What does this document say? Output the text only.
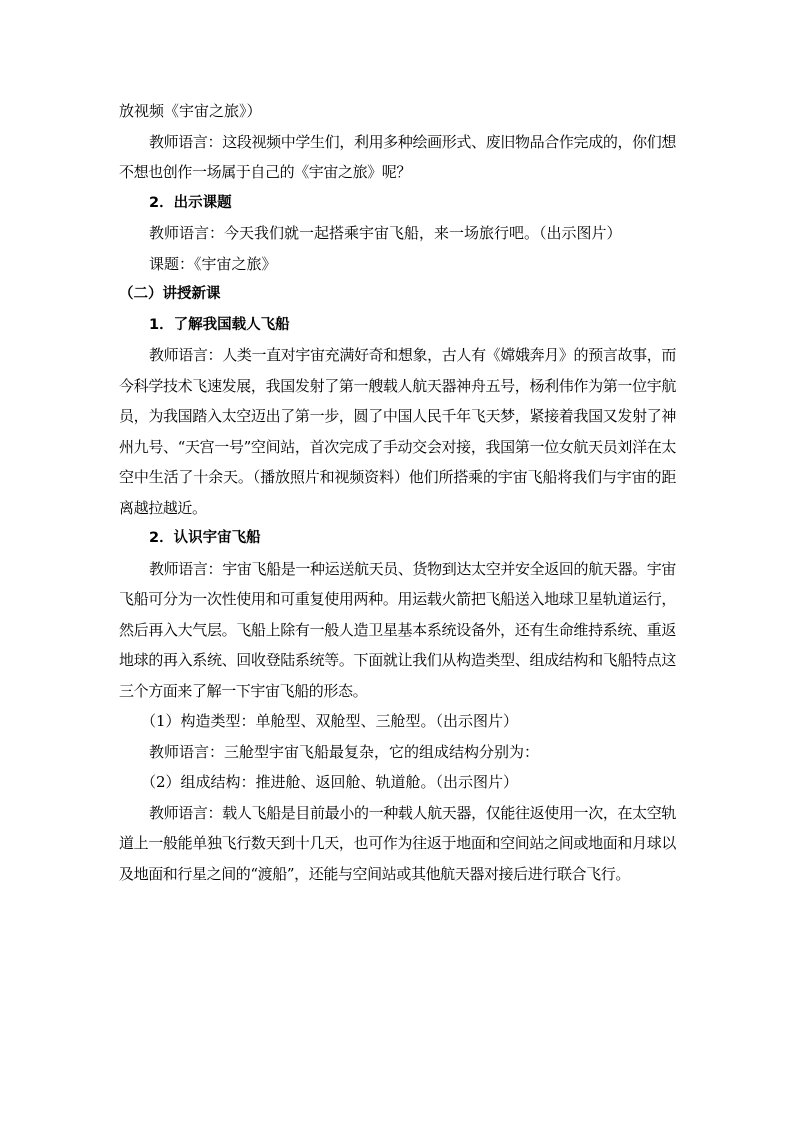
放视频《宇宙之旅》）

教师语言：这段视频中学生们，利用多种绘画形式、废旧物品合作完成的，你们想不想也创作一场属于自己的《宇宙之旅》呢？

2．出示课题
教师语言：今天我们就一起搭乘宇宙飞船，来一场旅行吧。（出示图片）
课题：《宇宙之旅》
（二）讲授新课
1．了解我国载人飞船

教师语言：人类一直对宇宙充满好奇和想象，古人有《嫦娥奔月》的预言故事，而今科学技术飞速发展，我国发射了第一艘载人航天器神舟五号，杨利伟作为第一位宇航员，为我国踏入太空迈出了第一步，圆了中国人民千年飞天梦，紧接着我国又发射了神州九号、“天宫一号”空间站，首次完成了手动交会对接，我国第一位女航天员刘洋在太空中生活了十余天。（播放照片和视频资料）他们所搭乘的宇宙飞船将我们与宇宙的距离越拉越近。

2．认识宇宙飞船

教师语言：宇宙飞船是一种运送航天员、货物到达太空并安全返回的航天器。宇宙飞船可分为一次性使用和可重复使用两种。用运载火箭把飞船送入地球卫星轨道运行，然后再入大气层。飞船上除有一般人造卫星基本系统设备外，还有生命维持系统、重返地球的再入系统、回收登陆系统等。下面就让我们从构造类型、组成结构和飞船特点这三个方面来了解一下宇宙飞船的形态。

（1）构造类型：单舱型、双舱型、三舱型。（出示图片）
教师语言：三舱型宇宙飞船最复杂，它的组成结构分别为：
（2）组成结构：推进舱、返回舱、轨道舱。（出示图片）

教师语言：载人飞船是目前最小的一种载人航天器，仅能往返使用一次，在太空轨道上一般能单独飞行数天到十几天，也可作为往返于地面和空间站之间或地面和月球以及地面和行星之间的“渡船”，还能与空间站或其他航天器对接后进行联合飞行。
